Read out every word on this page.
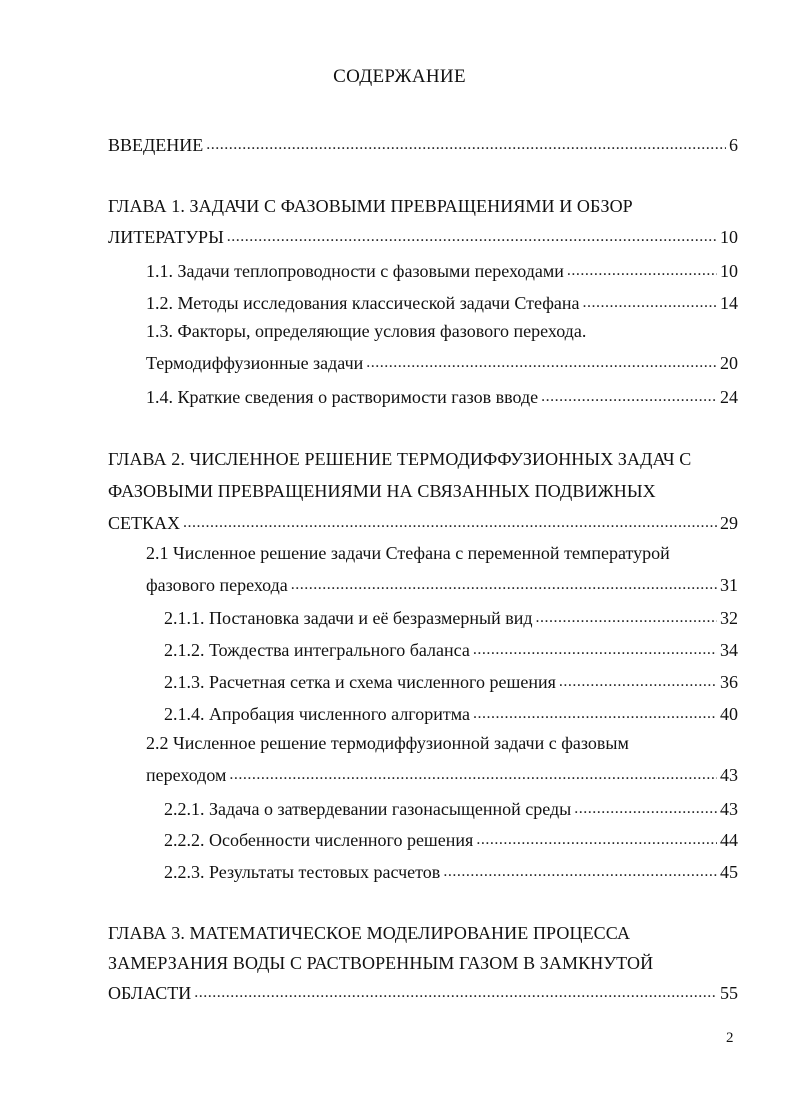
СОДЕРЖАНИЕ
ВВЕДЕНИЕ .....	6
ГЛАВА 1. ЗАДАЧИ С ФАЗОВЫМИ ПРЕВРАЩЕНИЯМИ И ОБЗОР
ЛИТЕРАТУРЫ .....	10
1.1. Задачи теплопроводности с фазовыми переходами .....	10
1.2. Методы исследования классической задачи Стефана .....	14
1.3. Факторы, определяющие условия фазового перехода.
Термодиффузионные задачи .....	20
1.4. Краткие сведения о растворимости газов вводе .....	24
ГЛАВА 2. ЧИСЛЕННОЕ РЕШЕНИЕ ТЕРМОДИФФУЗИОННЫХ ЗАДАЧ С
ФАЗОВЫМИ ПРЕВРАЩЕНИЯМИ НА СВЯЗАННЫХ ПОДВИЖНЫХ
СЕТКАХ .....	29
2.1 Численное решение задачи Стефана с переменной температурой
фазового перехода .....	31
2.1.1. Постановка задачи и её безразмерный вид .....	32
2.1.2. Тождества интегрального баланса .....	34
2.1.3. Расчетная сетка и схема численного решения .....	36
2.1.4. Апробация численного алгоритма .....	40
2.2 Численное решение термодиффузионной задачи с фазовым
переходом .....	43
2.2.1. Задача о затвердевании газонасыщенной среды .....	43
2.2.2. Особенности численного решения .....	44
2.2.3. Результаты тестовых расчетов .....	45
ГЛАВА 3. МАТЕМАТИЧЕСКОЕ МОДЕЛИРОВАНИЕ ПРОЦЕССА
ЗАМЕРЗАНИЯ ВОДЫ С РАСТВОРЕННЫМ ГАЗОМ В ЗАМКНУТОЙ
ОБЛАСТИ .....	55
2
